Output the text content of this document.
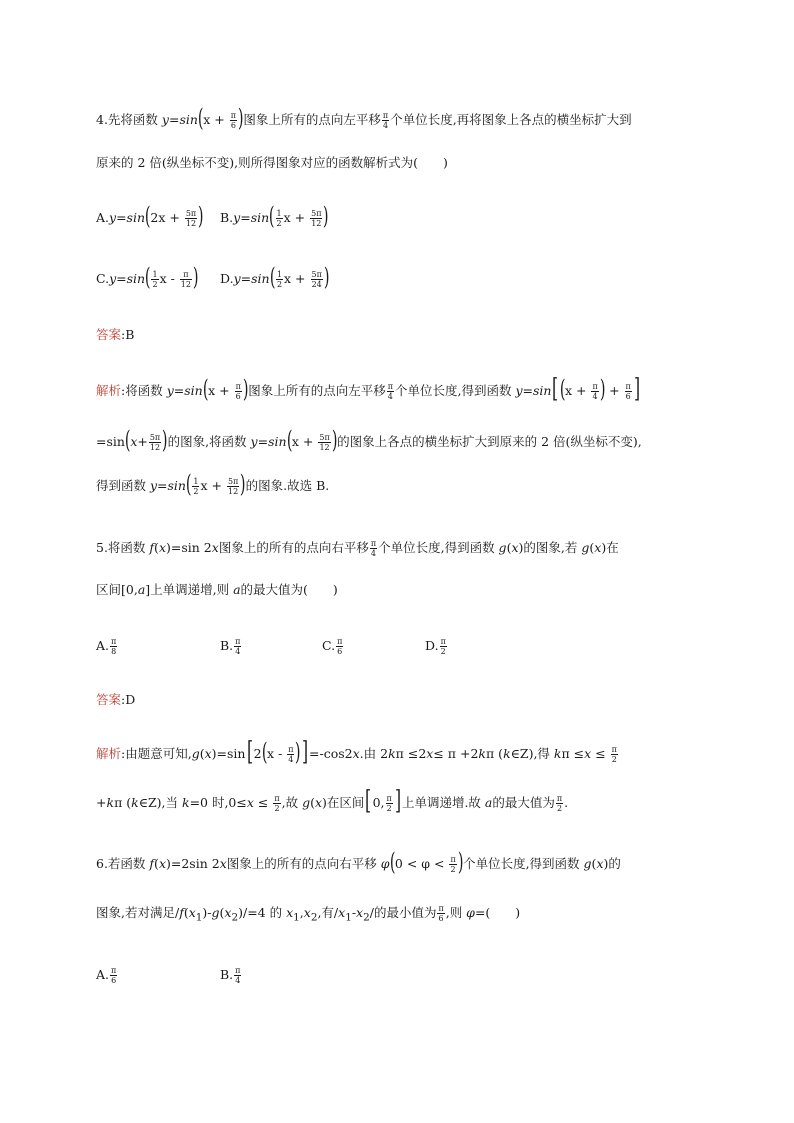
4.先将函数 $y=\sin(x + \frac{\pi}{6}$ )图象上所有的点向左平移 $\frac{\pi}{4}$ 个单位长度,再将图象上各点的横坐标扩大到
原来的 2 倍(纵坐标不变),则所得图象对应的函数解析式为(　　)
$A.y=\sin(2x + \frac{5\pi}{12}$ ) $B.y=\sin( \frac{1}{2}$ $x + \frac{5\pi}{12}$ )
$C.y=\sin( \frac{1}{2}$ x - $\frac{\pi}{12}$ ) $D.y=\sin( \frac{1}{2}$ $x + \frac{5\pi}{24}$ )
答案:B
解析:将函数 $y=\sin(x + \frac{\pi}{6}$ )图象上所有的点向左平移 $\frac{\pi}{4}$ 个单位长度,得到函数 $y=\sin[(x + \frac{\pi}{4}$ ) + $\frac{\pi}{6}$ ]
$=\sin(x+ \frac{5\pi}{12}$ )的图象,将函数 $y=\sin(x + \frac{5\pi}{12}$ )的图象上各点的横坐标扩大到原来的 2 倍(纵坐标不变),
得到函数 $y=\sin( \frac{1}{2}$ $x + \frac{5\pi}{12}$ )的图象.故选 B.
5.将函数 f(x)=sin 2x图象上的所有的点向右平移 $\frac{\pi}{4}$ 个单位长度,得到函数 g(x)的图象,若 g(x)在
区间[0,a]上单调递增,则 a的最大值为(　　)
A. $\frac{\pi}{8}$	B. $\frac{\pi}{4}$	C. $\frac{\pi}{6}$	D. $\frac{\pi}{2}$
答案:D
解析:由题意可知$,g(x)=\sin[2(x - \frac{\pi}{4} )]=-\cos 2x$.由 2kπ ≤2x≤ π +2kπ (k∈Z),得 $k\pi \le x \le \frac{\pi}{2}$
+kπ (k∈Z),当 k=0 时$,0\le x \le \frac{\pi}{2}$ ,故 g(x)在区间[0, $\frac{\pi}{2}$ ]上单调递增.故 a的最大值为 $\frac{\pi}{2}$ .
6.若函数 f(x)=2sin 2x图象上的所有的点向右平移 $\varphi(0 < \varphi < \frac{\pi}{2}$ )个单位长度,得到函数 g(x)的
图象,若对满足$/f(x_1)-g(x_2)/=4$ 的 $x_1,x_2$,有$/x_1-x_2/$的最小值为 $\frac{\pi}{6}$ ,则 φ=(　　)
A. $\frac{\pi}{6}$	B. $\frac{\pi}{4}$
